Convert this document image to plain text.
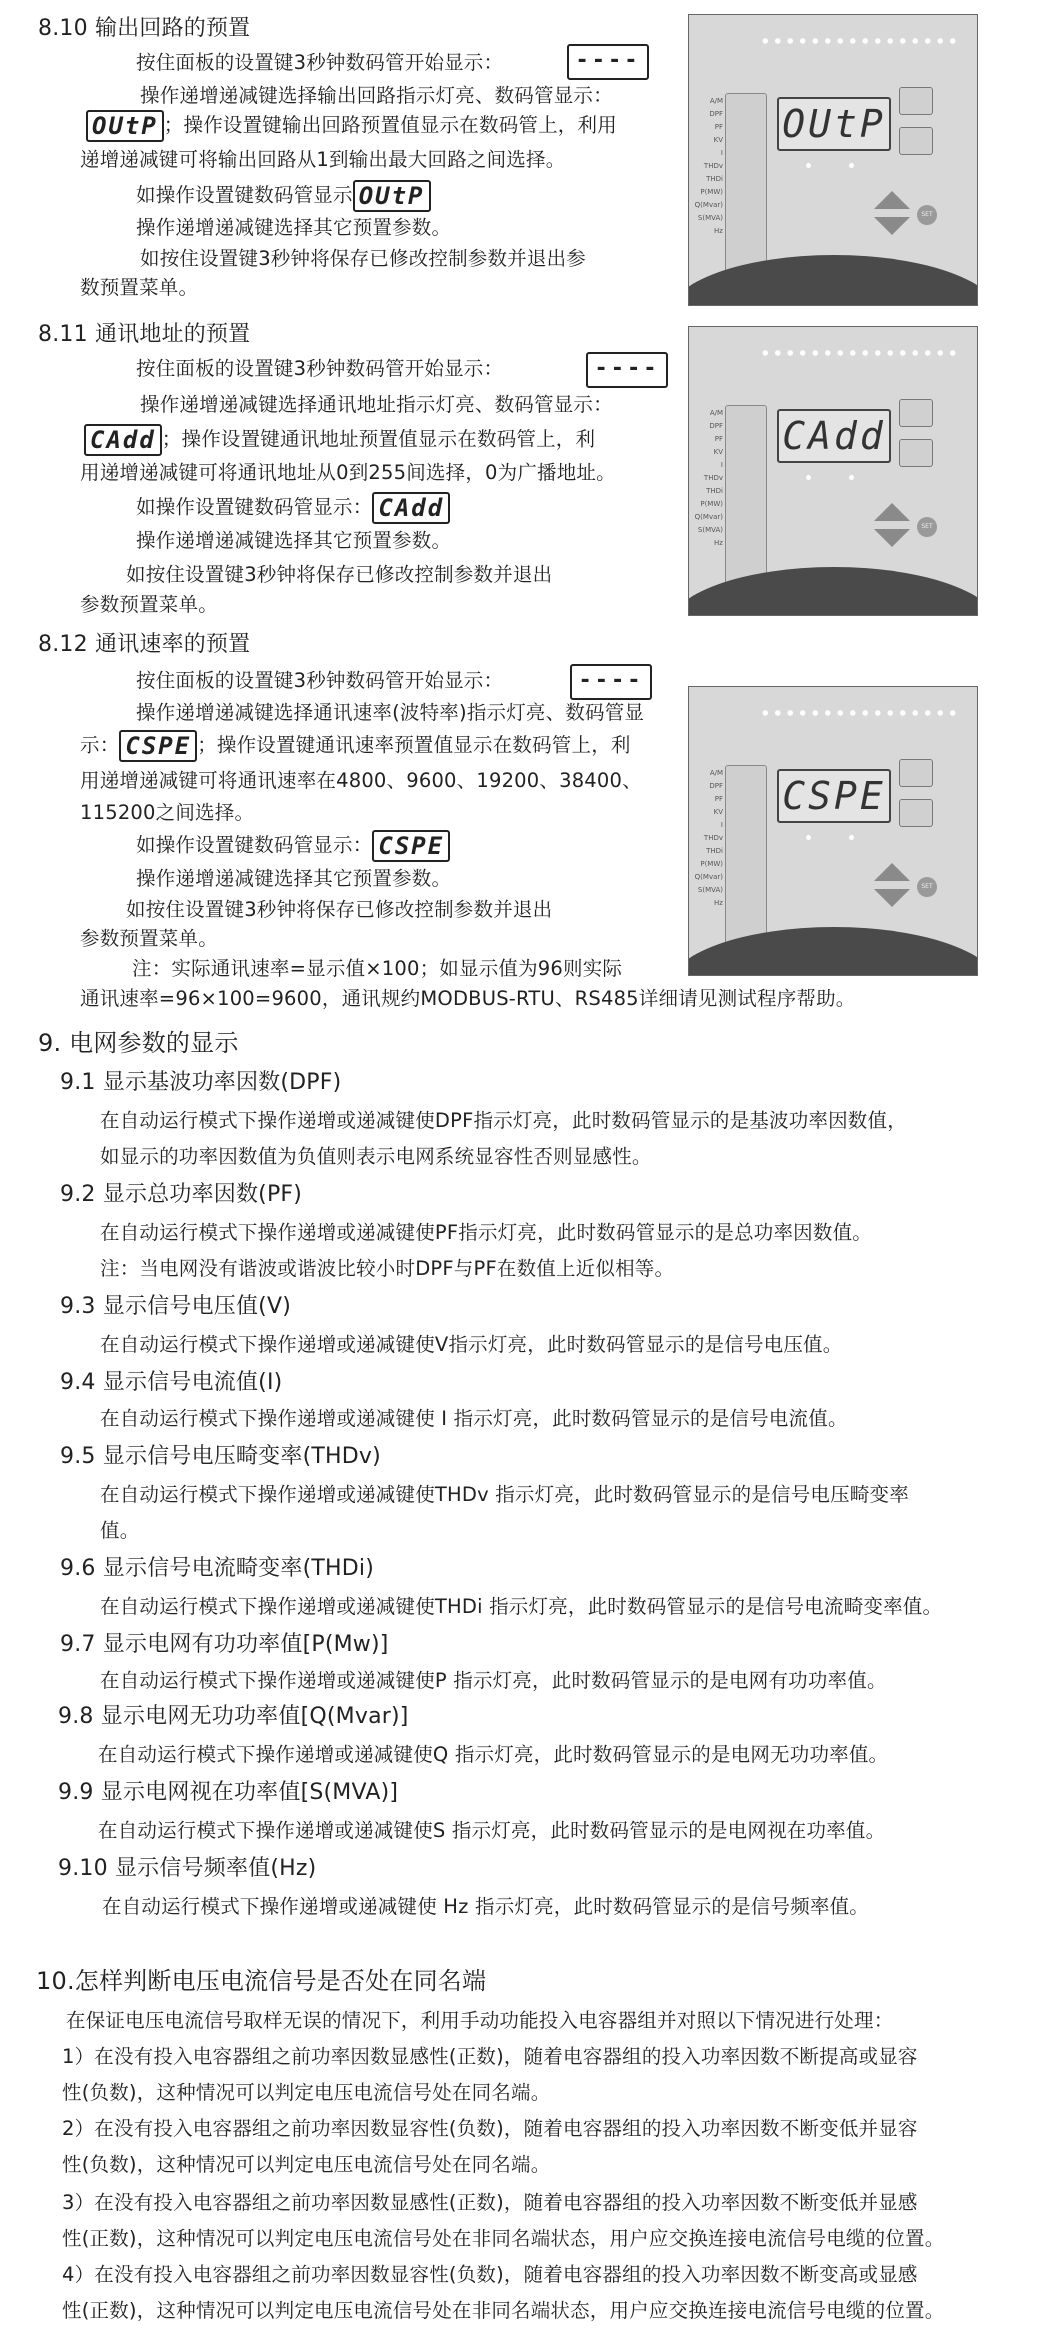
8.10 输出回路的预置
按住面板的设置键3秒钟数码管开始显示：	----
操作递增递减键选择输出回路指示灯亮、数码管显示：
OUtP ；操作设置键输出回路预置值显示在数码管上，利用
递增递减键可将输出回路从1到输出最大回路之间选择。
如操作设置键数码管显示 OUtP
操作递增递减键选择其它预置参数。
如按住设置键3秒钟将保存已修改控制参数并退出参
数预置菜单。
8.11 通讯地址的预置
按住面板的设置键3秒钟数码管开始显示：	----
操作递增递减键选择通讯地址指示灯亮、数码管显示：
CAdd ；操作设置键通讯地址预置值显示在数码管上，利
用递增递减键可将通讯地址从0到255间选择，0为广播地址。
如操作设置键数码管显示： CAdd
操作递增递减键选择其它预置参数。
如按住设置键3秒钟将保存已修改控制参数并退出
参数预置菜单。
8.12 通讯速率的预置
按住面板的设置键3秒钟数码管开始显示：	----
操作递增递减键选择通讯速率(波特率)指示灯亮、数码管显
示： CSPE ；操作设置键通讯速率预置值显示在数码管上，利
用递增递减键可将通讯速率在4800、9600、19200、38400、
115200之间选择。
如操作设置键数码管显示： CSPE
操作递增递减键选择其它预置参数。
如按住设置键3秒钟将保存已修改控制参数并退出
参数预置菜单。
注：实际通讯速率=显示值×100；如显示值为96则实际
通讯速率=96×100=9600，通讯规约MODBUS-RTU、RS485详细请见测试程序帮助。
A/M
DPF
PF
KV
I
THDv
THDi
P(MW)
Q(Mvar)
S(MVA)
Hz
OUtP
SET
A/M
DPF
PF
KV
I
THDv
THDi
P(MW)
Q(Mvar)
S(MVA)
Hz
CAdd
SET
A/M
DPF
PF
KV
I
THDv
THDi
P(MW)
Q(Mvar)
S(MVA)
Hz
CSPE
SET
9. 电网参数的显示
9.1 显示基波功率因数(DPF)
在自动运行模式下操作递增或递减键使DPF指示灯亮，此时数码管显示的是基波功率因数值，
如显示的功率因数值为负值则表示电网系统显容性否则显感性。
9.2 显示总功率因数(PF)
在自动运行模式下操作递增或递减键使PF指示灯亮，此时数码管显示的是总功率因数值。
注：当电网没有谐波或谐波比较小时DPF与PF在数值上近似相等。
9.3 显示信号电压值(V)
在自动运行模式下操作递增或递减键使V指示灯亮，此时数码管显示的是信号电压值。
9.4 显示信号电流值(I)
在自动运行模式下操作递增或递减键使 I 指示灯亮，此时数码管显示的是信号电流值。
9.5 显示信号电压畸变率(THDv)
在自动运行模式下操作递增或递减键使THDv 指示灯亮，此时数码管显示的是信号电压畸变率
值。
9.6 显示信号电流畸变率(THDi)
在自动运行模式下操作递增或递减键使THDi 指示灯亮，此时数码管显示的是信号电流畸变率值。
9.7 显示电网有功功率值[P(Mw)]
在自动运行模式下操作递增或递减键使P 指示灯亮，此时数码管显示的是电网有功功率值。
9.8 显示电网无功功率值[Q(Mvar)]
在自动运行模式下操作递增或递减键使Q 指示灯亮，此时数码管显示的是电网无功功率值。
9.9 显示电网视在功率值[S(MVA)]
在自动运行模式下操作递增或递减键使S 指示灯亮，此时数码管显示的是电网视在功率值。
9.10 显示信号频率值(Hz)
在自动运行模式下操作递增或递减键使 Hz 指示灯亮，此时数码管显示的是信号频率值。
10.怎样判断电压电流信号是否处在同名端
在保证电压电流信号取样无误的情况下，利用手动功能投入电容器组并对照以下情况进行处理：
1）在没有投入电容器组之前功率因数显感性(正数)，随着电容器组的投入功率因数不断提高或显容
性(负数)，这种情况可以判定电压电流信号处在同名端。
2）在没有投入电容器组之前功率因数显容性(负数)，随着电容器组的投入功率因数不断变低并显容
性(负数)，这种情况可以判定电压电流信号处在同名端。
3）在没有投入电容器组之前功率因数显感性(正数)，随着电容器组的投入功率因数不断变低并显感
性(正数)，这种情况可以判定电压电流信号处在非同名端状态，用户应交换连接电流信号电缆的位置。
4）在没有投入电容器组之前功率因数显容性(负数)，随着电容器组的投入功率因数不断变高或显感
性(正数)，这种情况可以判定电压电流信号处在非同名端状态，用户应交换连接电流信号电缆的位置。
